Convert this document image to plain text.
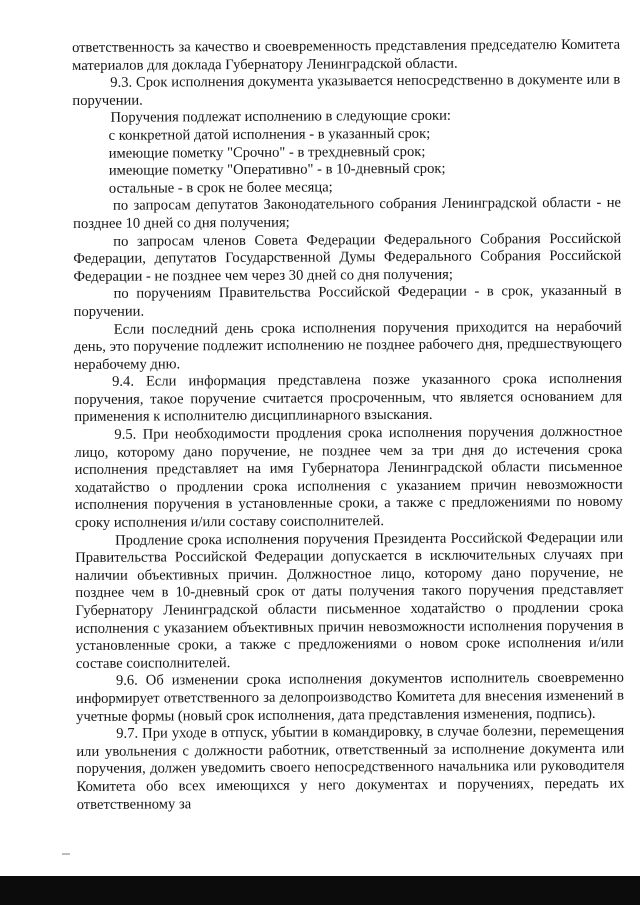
ответственность за качество и своевременность представления председателю Комитета материалов для доклада Губернатору Ленинградской области.

9.3. Срок исполнения документа указывается непосредственно в документе или в поручении.

Поручения подлежат исполнению в следующие сроки:

с конкретной датой исполнения - в указанный срок;

имеющие пометку "Срочно" - в трехдневный срок;

имеющие пометку "Оперативно" - в 10-дневный срок;

остальные - в срок не более месяца;

по запросам депутатов Законодательного собрания Ленинградской области - не позднее 10 дней со дня получения;

по запросам членов Совета Федерации Федерального Собрания Российской Федерации, депутатов Государственной Думы Федерального Собрания Российской Федерации - не позднее чем через 30 дней со дня получения;

по поручениям Правительства Российской Федерации - в срок, указанный в поручении.

Если последний день срока исполнения поручения приходится на нерабочий день, это поручение подлежит исполнению не позднее рабочего дня, предшествующего нерабочему дню.

9.4. Если информация представлена позже указанного срока исполнения поручения, такое поручение считается просроченным, что является основанием для применения к исполнителю дисциплинарного взыскания.

9.5. При необходимости продления срока исполнения поручения должностное лицо, которому дано поручение, не позднее чем за три дня до истечения срока исполнения представляет на имя Губернатора Ленинградской области письменное ходатайство о продлении срока исполнения с указанием причин невозможности исполнения поручения в установленные сроки, а также с предложениями по новому сроку исполнения и/или составу соисполнителей.

Продление срока исполнения поручения Президента Российской Федерации или Правительства Российской Федерации допускается в исключительных случаях при наличии объективных причин. Должностное лицо, которому дано поручение, не позднее чем в 10-дневный срок от даты получения такого поручения представляет Губернатору Ленинградской области письменное ходатайство о продлении срока исполнения с указанием объективных причин невозможности исполнения поручения в установленные сроки, а также с предложениями о новом сроке исполнения и/или составе соисполнителей.

9.6. Об изменении срока исполнения документов исполнитель своевременно информирует ответственного за делопроизводство Комитета для внесения изменений в учетные формы (новый срок исполнения, дата представления изменения, подпись).

9.7. При уходе в отпуск, убытии в командировку, в случае болезни, перемещения или увольнения с должности работник, ответственный за исполнение документа или поручения, должен уведомить своего непосредственного начальника или руководителя Комитета обо всех имеющихся у него документах и поручениях, передать их ответственному за
